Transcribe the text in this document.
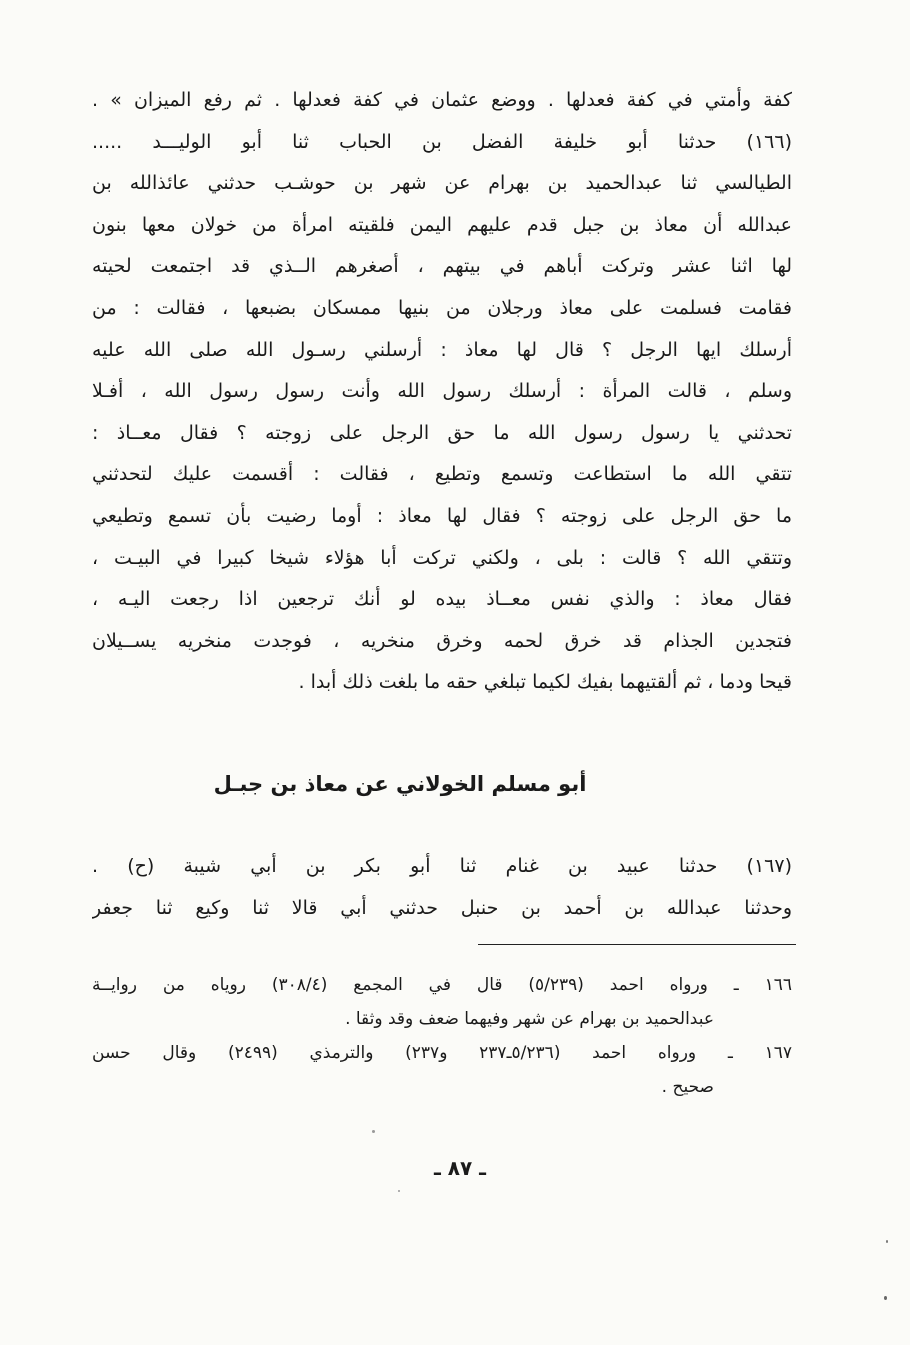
كفة وأمتي في كفة فعدلها . ووضع عثمان في كفة فعدلها . ثم رفع الميزان » .
(١٦٦) حدثنا أبو خليفة الفضل بن الحباب ثنا أبو الوليـــد .....
الطيالسي ثنا عبدالحميد بن بهرام عن شهر بن حوشـب حدثني عائذالله بن
عبدالله أن معاذ بن جبل قدم عليهم اليمن فلقيته امرأة من خولان معها بنون
لها اثنا عشر وتركت أباهم في بيتهم ، أصغرهم الــذي قد اجتمعت لحيته
فقامت فسلمت على معاذ ورجلان من بنيها ممسكان بضبعها ، فقالت : من
أرسلك ايها الرجل ؟ قال لها معاذ : أرسلني رسـول الله صلى الله عليه
وسلم ، قالت المرأة : أرسلك رسول الله وأنت رسول رسول الله ، أفـلا
تحدثني يا رسول رسول الله ما حق الرجل على زوجته ؟ فقال معــاذ :
تتقي الله ما استطاعت وتسمع وتطيع ، فقالت : أقسمت عليك لتحدثني
ما حق الرجل على زوجته ؟ فقال لها معاذ : أوما رضيت بأن تسمع وتطيعي
وتتقي الله ؟ قالت : بلى ، ولكني تركت أبا هؤلاء شيخا كبيرا في البيـت ،
فقال معاذ : والذي نفس معــاذ بيده لو أنك ترجعين اذا رجعت اليـه ،
فتجدين الجذام قد خرق لحمه وخرق منخريه ، فوجدت منخريه يســيلان
قيحا ودما ، ثم ألقتيهما بفيك لكيما تبلغي حقه ما بلغت ذلك أبدا .
أبو مسلم الخولاني عن معاذ بن جبـل
(١٦٧) حدثنا عبيد بن غنام ثنا أبو بكر بن أبي شيبة (ح) .
وحدثنا عبدالله بن أحمد بن حنبل حدثني أبي قالا ثنا وكيع ثنا جعفر
١٦٦ ـ ورواه احمد (٥/٢٣٩) قال في المجمع (٣٠٨/٤) روياه من روايــة
عبدالحميد بن بهرام عن شهر وفيهما ضعف وقد وثقا .
١٦٧ ـ ورواه احمد (٥/٢٣٦ـ٢٣٧ و٢٣٧) والترمذي (٢٤٩٩) وقال حسن
صحيح .
ـ ٨٧ ـ
